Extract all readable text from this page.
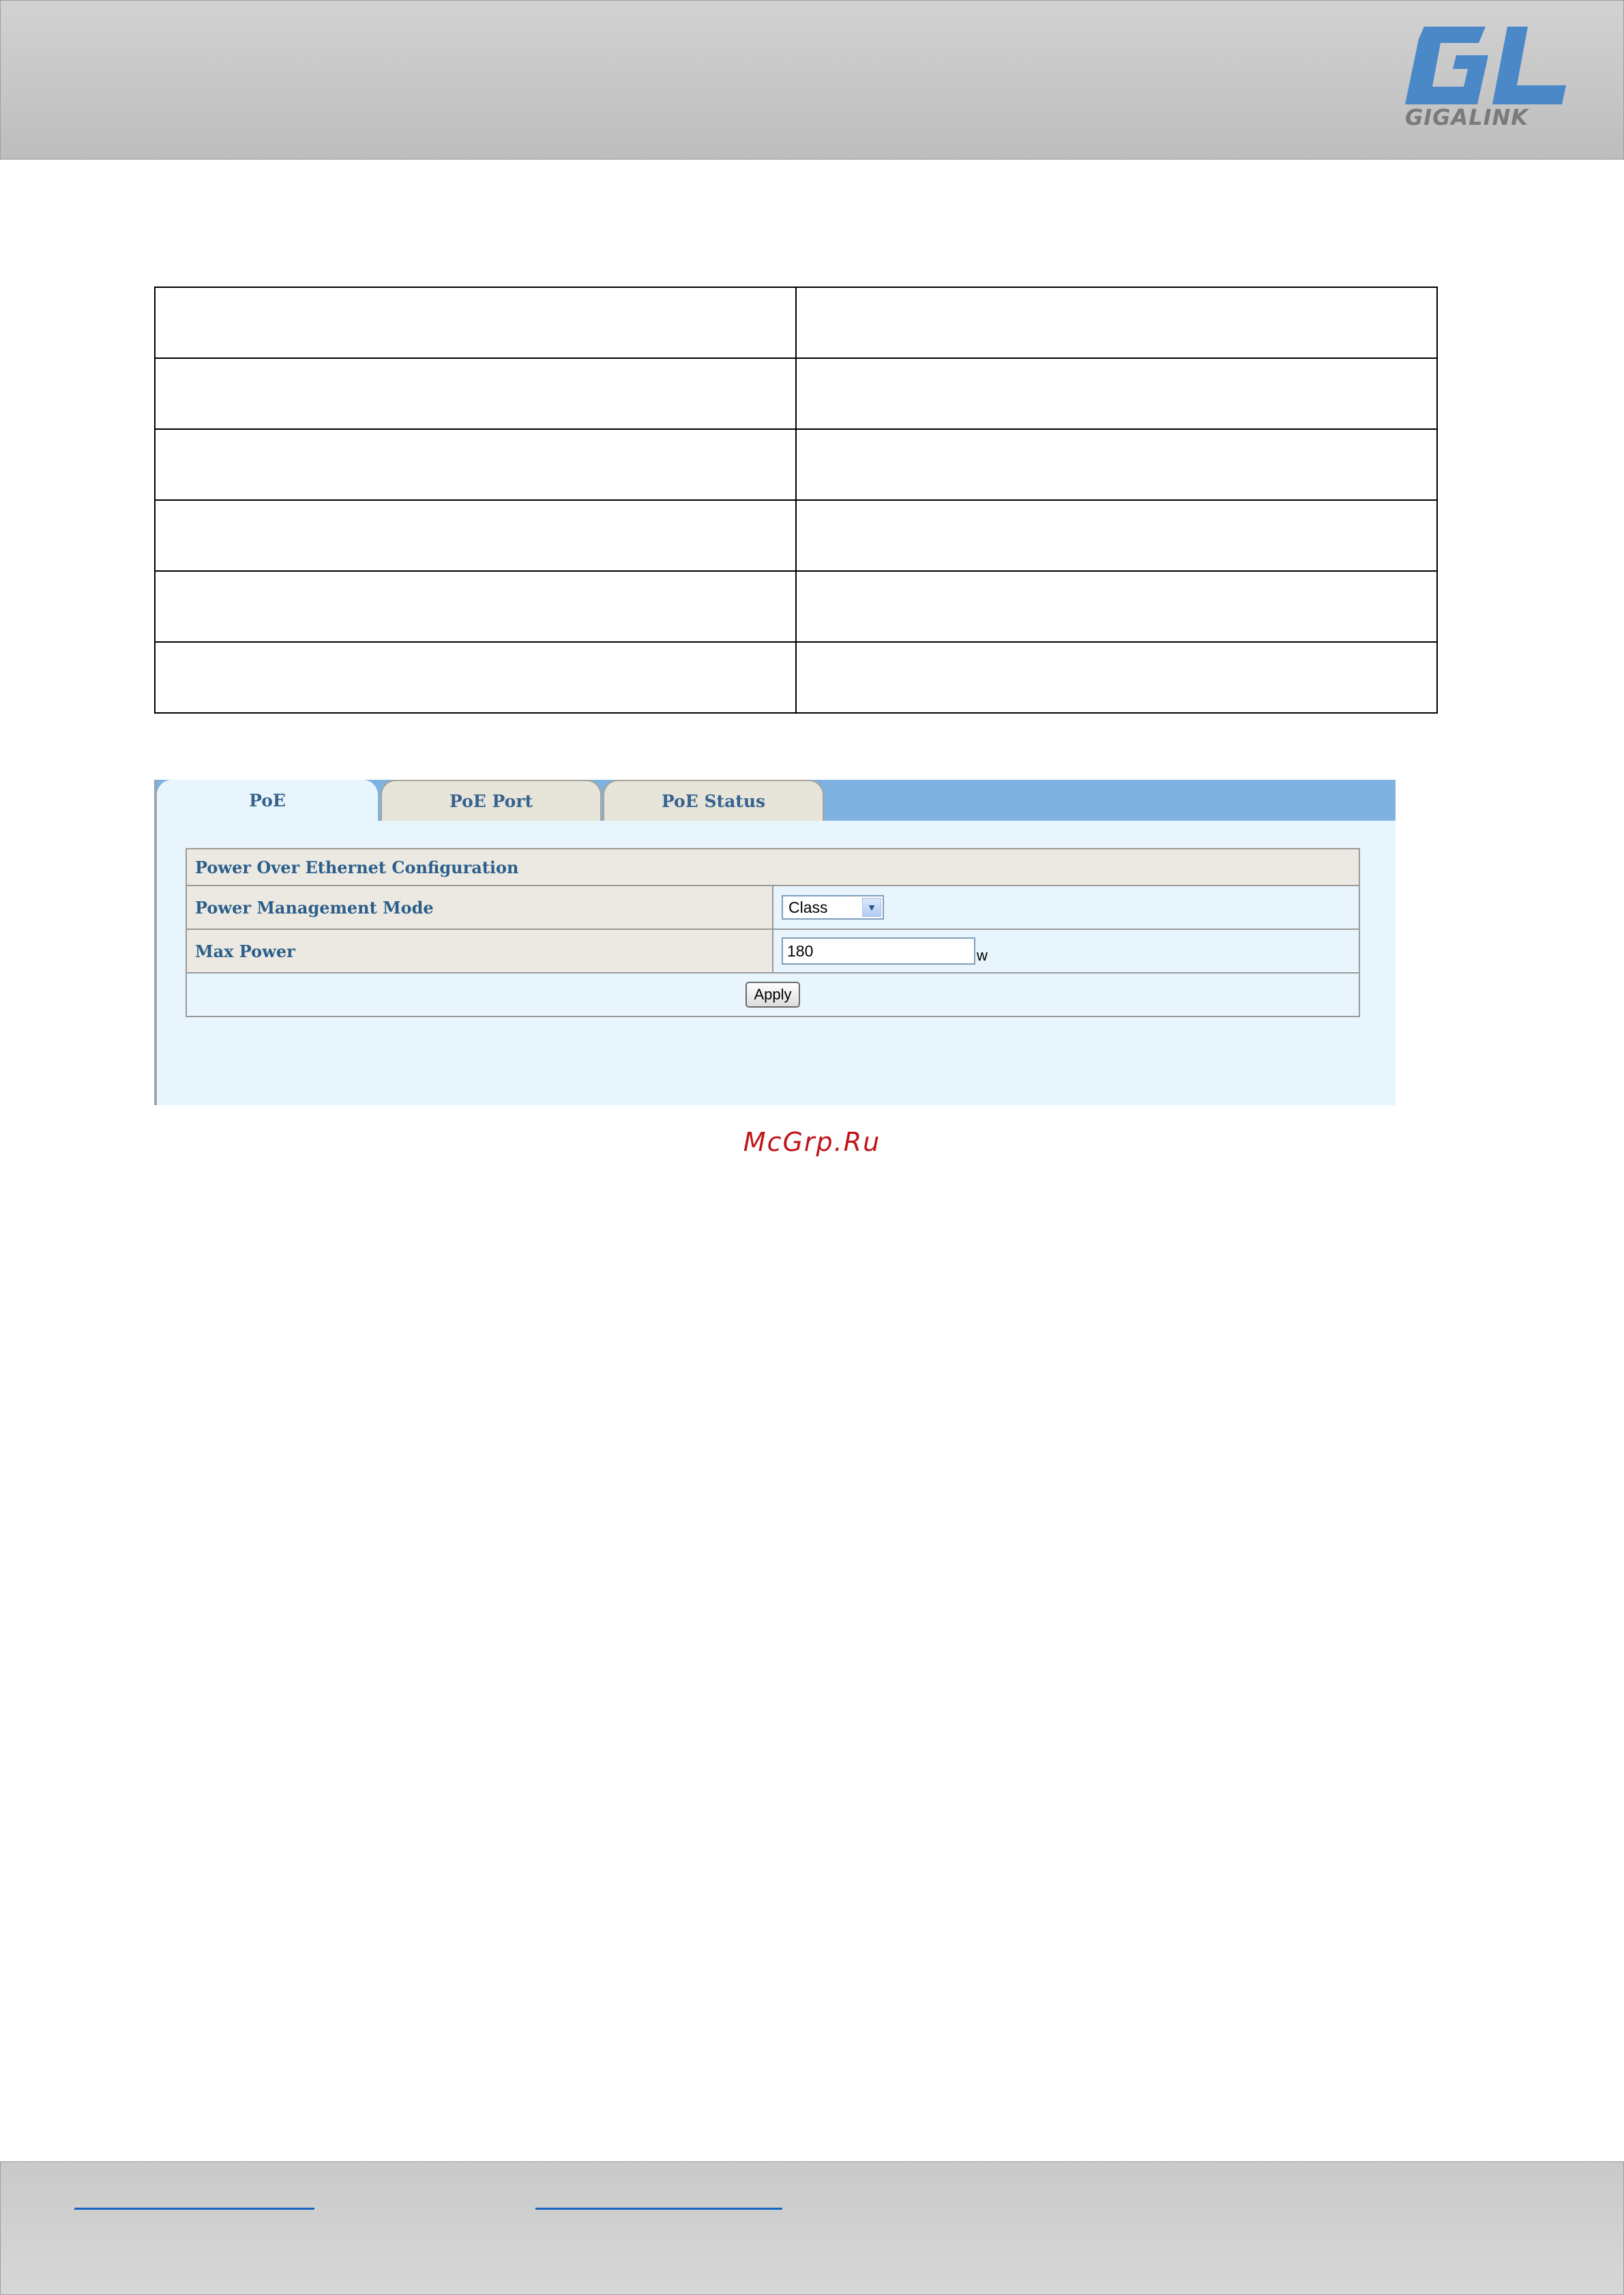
GIGALINK

PoE	PoE Port	PoE Status
Power Over Ethernet Configuration	
Power Management Mode	Class ▼

Max Power	180 w
Apply	
McGrp.Ru
